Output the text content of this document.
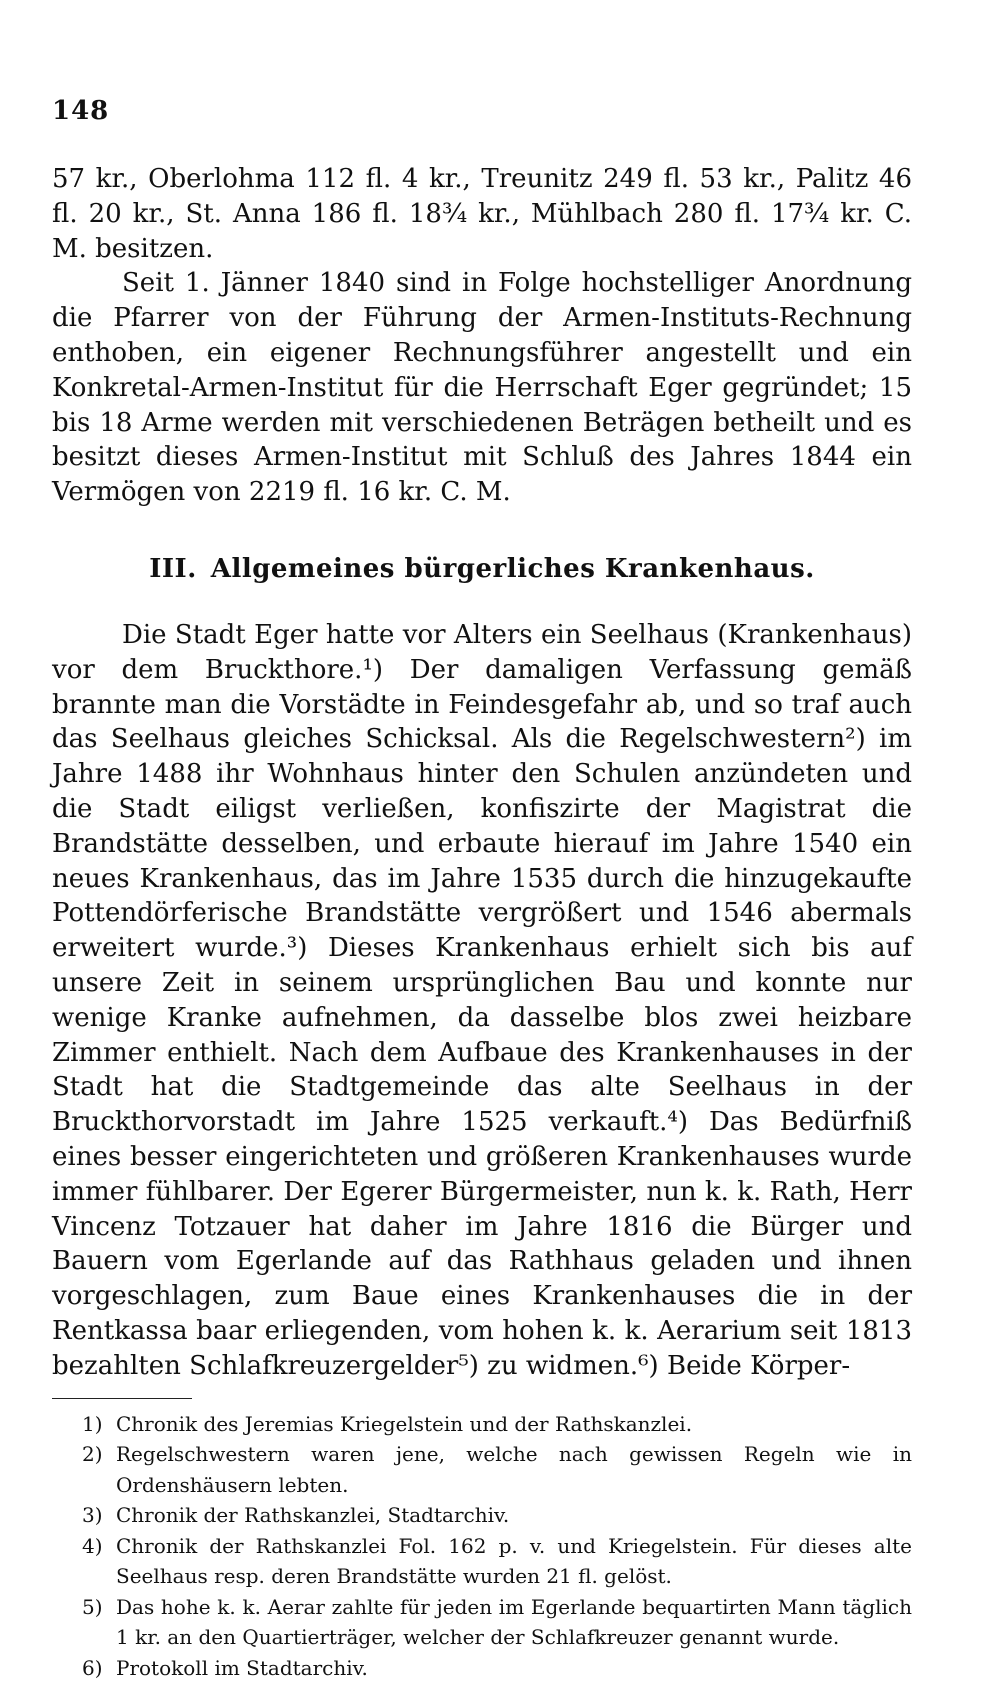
148

57 kr., Oberlohma 112 fl. 4 kr., Treunitz 249 fl. 53 kr., Palitz 46 fl. 20 kr., St. Anna 186 fl. 18¾ kr., Mühlbach 280 fl. 17¾ kr. C. M. besitzen.

Seit 1. Jänner 1840 sind in Folge hochstelliger Anordnung die Pfarrer von der Führung der Armen-Instituts-Rechnung enthoben, ein eigener Rechnungsführer angestellt und ein Konkretal-Armen-Institut für die Herrschaft Eger gegründet; 15 bis 18 Arme werden mit verschiedenen Beträgen betheilt und es besitzt dieses Armen-Institut mit Schluß des Jahres 1844 ein Vermögen von 2219 fl. 16 kr. C. M.

III. Allgemeines bürgerliches Krankenhaus.

Die Stadt Eger hatte vor Alters ein Seelhaus (Krankenhaus) vor dem Bruckthore.¹) Der damaligen Verfassung gemäß brannte man die Vorstädte in Feindesgefahr ab, und so traf auch das Seelhaus gleiches Schicksal. Als die Regelschwestern²) im Jahre 1488 ihr Wohnhaus hinter den Schulen anzündeten und die Stadt eiligst verließen, konfiszirte der Magistrat die Brandstätte desselben, und erbaute hierauf im Jahre 1540 ein neues Krankenhaus, das im Jahre 1535 durch die hinzugekaufte Pottendörferische Brandstätte vergrößert und 1546 abermals erweitert wurde.³) Dieses Krankenhaus erhielt sich bis auf unsere Zeit in seinem ursprünglichen Bau und konnte nur wenige Kranke aufnehmen, da dasselbe blos zwei heizbare Zimmer enthielt. Nach dem Aufbaue des Krankenhauses in der Stadt hat die Stadtgemeinde das alte Seelhaus in der Bruckthorvorstadt im Jahre 1525 verkauft.⁴) Das Bedürfniß eines besser eingerichteten und größeren Krankenhauses wurde immer fühlbarer. Der Egerer Bürgermeister, nun k. k. Rath, Herr Vincenz Totzauer hat daher im Jahre 1816 die Bürger und Bauern vom Egerlande auf das Rathhaus geladen und ihnen vorgeschlagen, zum Baue eines Krankenhauses die in der Rentkassa baar erliegenden, vom hohen k. k. Aerarium seit 1813 bezahlten Schlafkreuzergelder⁵) zu widmen.⁶) Beide Körper-

1) Chronik des Jeremias Kriegelstein und der Rathskanzlei.
2) Regelschwestern waren jene, welche nach gewissen Regeln wie in Ordenshäusern lebten.
3) Chronik der Rathskanzlei, Stadtarchiv.
4) Chronik der Rathskanzlei Fol. 162 p. v. und Kriegelstein. Für dieses alte Seelhaus resp. deren Brandstätte wurden 21 fl. gelöst.
5) Das hohe k. k. Aerar zahlte für jeden im Egerlande bequartirten Mann täglich 1 kr. an den Quartierträger, welcher der Schlafkreuzer genannt wurde.
6) Protokoll im Stadtarchiv.
